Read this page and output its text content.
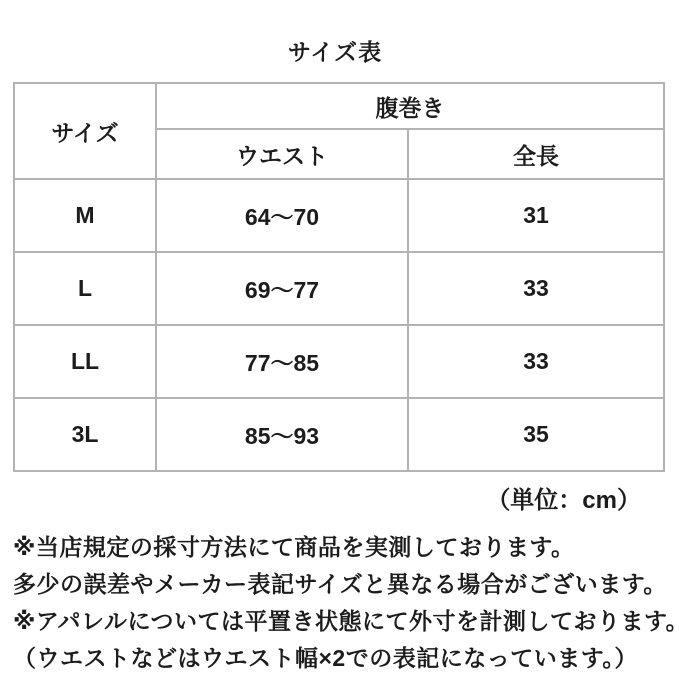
サイズ表
サイズ	腹巻き	
	ウエスト	全長
M	64〜70	31
L	69〜77	33
LL	77〜85	33
3L	85〜93	35
（単位：cm）
※当店規定の採寸方法にて商品を実測しております。
多少の誤差やメーカー表記サイズと異なる場合がございます。
※アパレルについては平置き状態にて外寸を計測しております。
（ウエストなどはウエスト幅×2での表記になっています。）
